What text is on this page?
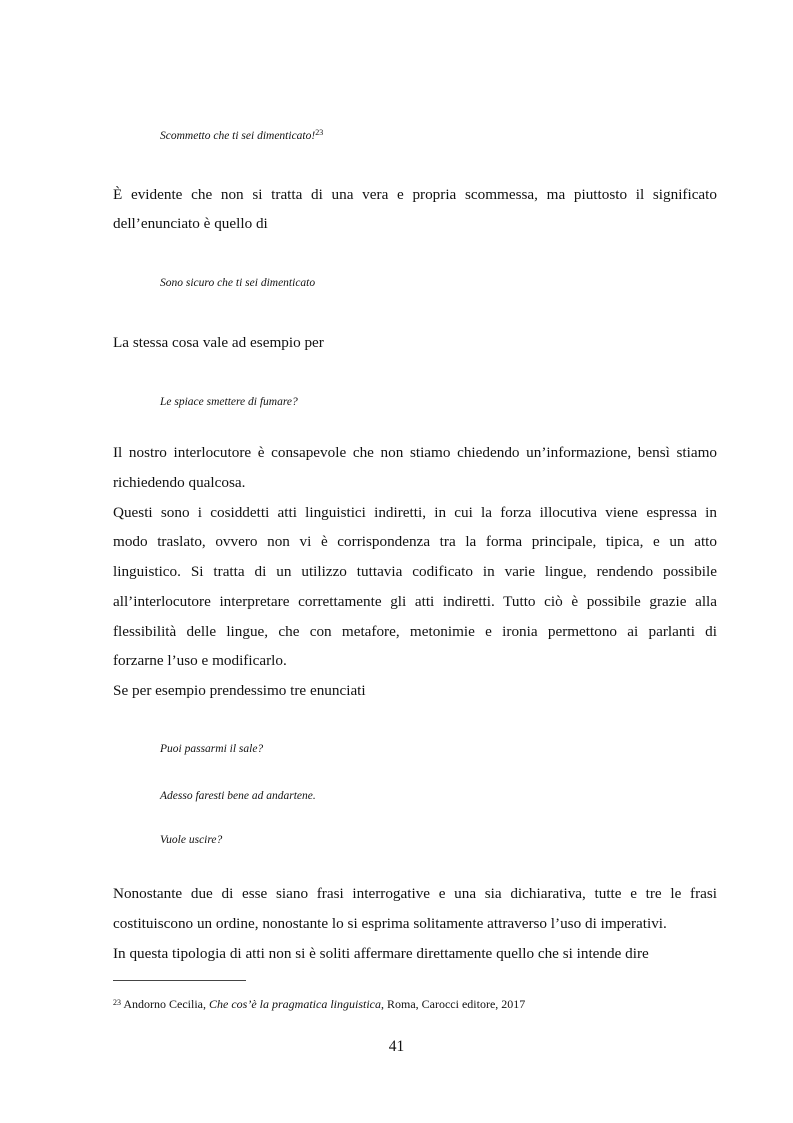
Scommetto che ti sei dimenticato!$^{23}$
È evidente che non si tratta di una vera e propria scommessa, ma piuttosto il significato
dell’enunciato è quello di
Sono sicuro che ti sei dimenticato
La stessa cosa vale ad esempio per
Le spiace smettere di fumare?
Il nostro interlocutore è consapevole che non stiamo chiedendo un’informazione, bensì stiamo
richiedendo qualcosa.
Questi sono i cosiddetti atti linguistici indiretti, in cui la forza illocutiva viene espressa in
modo traslato, ovvero non vi è corrispondenza tra la forma principale, tipica, e un atto
linguistico. Si tratta di un utilizzo tuttavia codificato in varie lingue, rendendo possibile
all’interlocutore interpretare correttamente gli atti indiretti. Tutto ciò è possibile grazie alla
flessibilità delle lingue, che con metafore, metonimie e ironia permettono ai parlanti di
forzarne l’uso e modificarlo.
Se per esempio prendessimo tre enunciati
Puoi passarmi il sale?
Adesso faresti bene ad andartene.
Vuole uscire?
Nonostante due di esse siano frasi interrogative e una sia dichiarativa, tutte e tre le frasi
costituiscono un ordine, nonostante lo si esprima solitamente attraverso l’uso di imperativi.
In questa tipologia di atti non si è soliti affermare direttamente quello che si intende dire
$^{23}$ Andorno Cecilia, Che cos’è la pragmatica linguistica, Roma, Carocci editore, 2017
41
